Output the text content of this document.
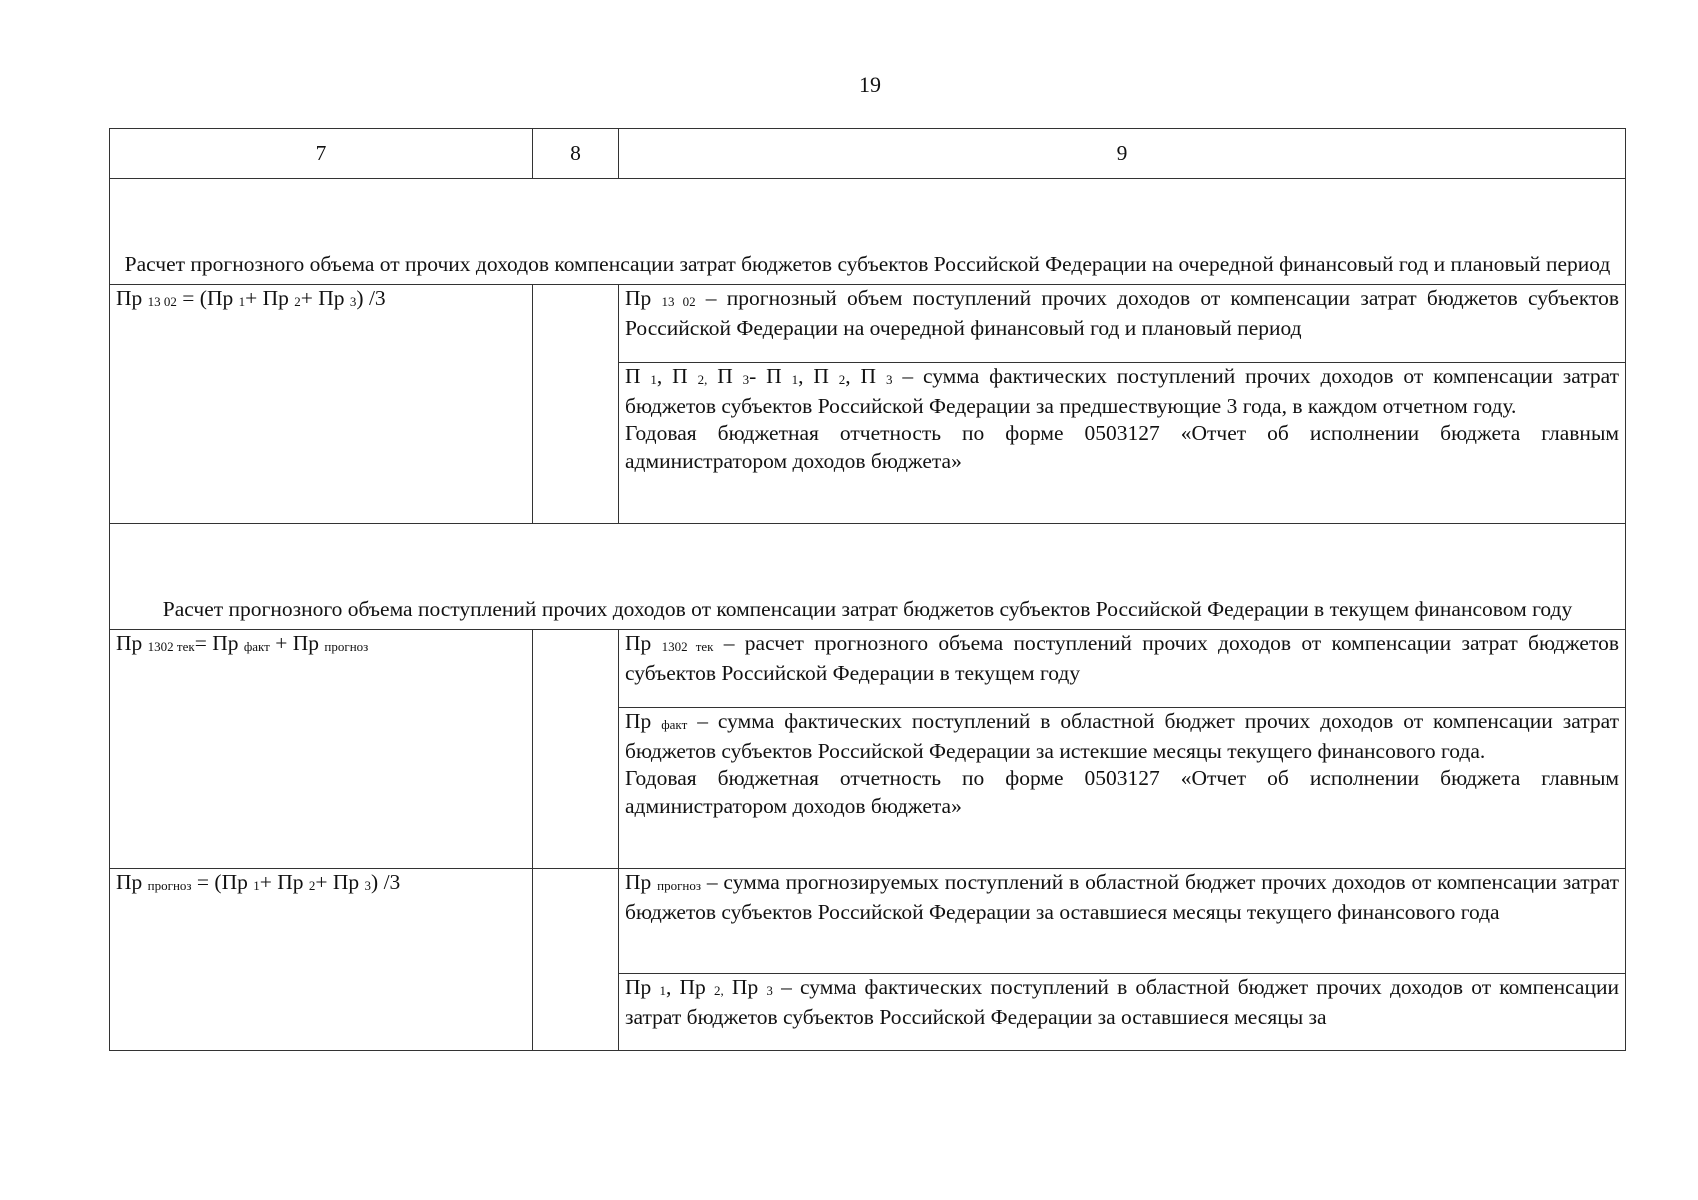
19
7	8	9
Расчет прогнозного объема от прочих доходов компенсации затрат бюджетов субъектов Российской Федерации на очередной финансовый год и плановый период		
Пр $_{13 02}$ = (Пр $_1$+ Пр $_2$+ Пр $_3$) /3		Пр $_{13 02}$ – прогнозный объем поступлений прочих доходов от компенсации затрат бюджетов субъектов Российской Федерации на очередной финансовый год и плановый период
		П $_1$, П $_{2,}$ П $_3$- П $_1$, П $_2$, П $_3$ – сумма фактических поступлений прочих доходов от компенсации затрат бюджетов субъектов Российской Федерации за предшествующие 3 года, в каждом отчетном году.
Годовая бюджетная отчетность по форме 0503127 «Отчет об исполнении бюджета главным администратором доходов бюджета»

Расчет прогнозного объема поступлений прочих доходов от компенсации затрат бюджетов субъектов Российской Федерации в текущем финансовом году		
Пр $_{1302 тек}$= Пр $_{факт}$ + Пр $_{прогноз}$		Пр $_{1302 тек}$ – расчет прогнозного объема поступлений прочих доходов от компенсации затрат бюджетов субъектов Российской Федерации в текущем году
		Пр $_{факт}$ – сумма фактических поступлений в областной бюджет прочих доходов от компенсации затрат бюджетов субъектов Российской Федерации за истекшие месяцы текущего финансового года.
Годовая бюджетная отчетность по форме 0503127 «Отчет об исполнении бюджета главным администратором доходов бюджета»

Пр $_{прогноз}$ = (Пр $_1$+ Пр $_2$+ Пр $_3$) /3		Пр $_{прогноз}$ – сумма прогнозируемых поступлений в областной бюджет прочих доходов от компенсации затрат бюджетов субъектов Российской Федерации за оставшиеся месяцы текущего финансового года
		Пр $_1$, Пр $_{2,}$ Пр $_3$ – сумма фактических поступлений в областной бюджет прочих доходов от компенсации затрат бюджетов субъектов Российской Федерации за оставшиеся месяцы за
